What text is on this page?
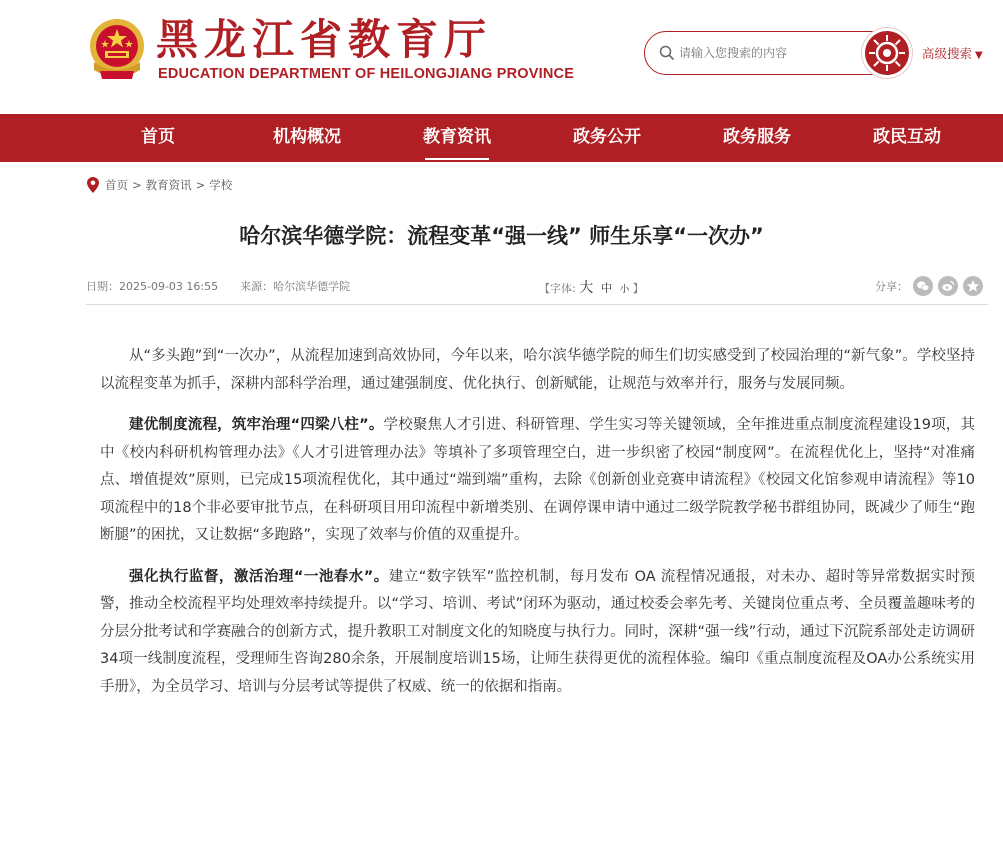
黑龙江省教育厅
EDUCATION DEPARTMENT OF HEILONGJIANG PROVINCE
请输入您搜索的内容
高级搜索 ▼
首页	机构概况	教育资讯	政务公开	政务服务	政民互动
首页 > 教育资讯 > 学校
哈尔滨华德学院：流程变革“强一线” 师生乐享“一次办”
日期：2025-09-03 16:55 来源：哈尔滨华德学院	【字体: 大 中 小 】	分享：

从“多头跑”到“一次办”，从流程加速到高效协同，今年以来，哈尔滨华德学院的师生们切实感受到了校园治理的“新气象”。学校坚持以流程变革为抓手，深耕内部科学治理，通过建强制度、优化执行、创新赋能，让规范与效率并行，服务与发展同频。

建优制度流程，筑牢治理“四梁八柱”。学校聚焦人才引进、科研管理、学生实习等关键领域，全年推进重点制度流程建设19项，其中《校内科研机构管理办法》《人才引进管理办法》等填补了多项管理空白，进一步织密了校园“制度网”。在流程优化上，坚持“对准痛点、增值提效”原则，已完成15项流程优化，其中通过“端到端”重构，去除《创新创业竞赛申请流程》《校园文化馆参观申请流程》等10项流程中的18个非必要审批节点，在科研项目用印流程中新增类别、在调停课申请中通过二级学院教学秘书群组协同，既减少了师生“跑断腿”的困扰，又让数据“多跑路”，实现了效率与价值的双重提升。

强化执行监督，激活治理“一池春水”。建立“数字铁军”监控机制，每月发布 OA 流程情况通报，对未办、超时等异常数据实时预警，推动全校流程平均处理效率持续提升。以“学习、培训、考试”闭环为驱动，通过校委会率先考、关键岗位重点考、全员覆盖趣味考的分层分批考试和学赛融合的创新方式，提升教职工对制度文化的知晓度与执行力。同时，深耕“强一线”行动，通过下沉院系部处走访调研34项一线制度流程，受理师生咨询280余条，开展制度培训15场，让师生获得更优的流程体验。编印《重点制度流程及OA办公系统实用手册》，为全员学习、培训与分层考试等提供了权威、统一的依据和指南。
